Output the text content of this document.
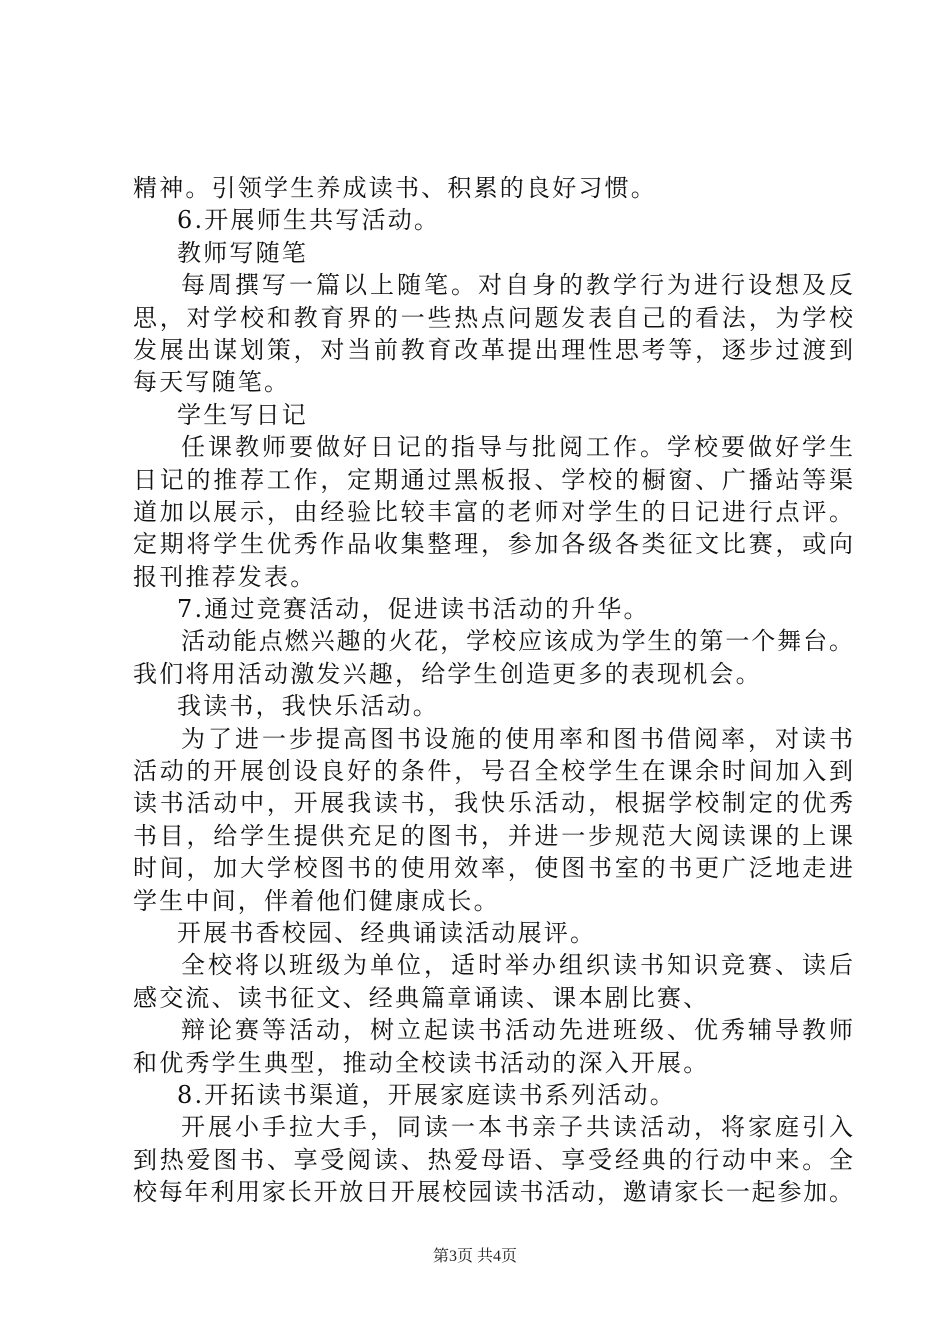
精神。引领学生养成读书、积累的良好习惯。
6.开展师生共写活动。
教师写随笔
每周撰写一篇以上随笔。对自身的教学行为进行设想及反
思，对学校和教育界的一些热点问题发表自己的看法，为学校
发展出谋划策，对当前教育改革提出理性思考等，逐步过渡到
每天写随笔。
学生写日记
任课教师要做好日记的指导与批阅工作。学校要做好学生
日记的推荐工作，定期通过黑板报、学校的橱窗、广播站等渠
道加以展示，由经验比较丰富的老师对学生的日记进行点评。
定期将学生优秀作品收集整理，参加各级各类征文比赛，或向
报刊推荐发表。
7.通过竞赛活动，促进读书活动的升华。
活动能点燃兴趣的火花，学校应该成为学生的第一个舞台。
我们将用活动激发兴趣，给学生创造更多的表现机会。
我读书，我快乐活动。
为了进一步提高图书设施的使用率和图书借阅率，对读书
活动的开展创设良好的条件，号召全校学生在课余时间加入到
读书活动中，开展我读书，我快乐活动，根据学校制定的优秀
书目，给学生提供充足的图书，并进一步规范大阅读课的上课
时间，加大学校图书的使用效率，使图书室的书更广泛地走进
学生中间，伴着他们健康成长。
开展书香校园、经典诵读活动展评。
全校将以班级为单位，适时举办组织读书知识竞赛、读后
感交流、读书征文、经典篇章诵读、课本剧比赛、
辩论赛等活动，树立起读书活动先进班级、优秀辅导教师
和优秀学生典型，推动全校读书活动的深入开展。
8.开拓读书渠道，开展家庭读书系列活动。
开展小手拉大手，同读一本书亲子共读活动，将家庭引入
到热爱图书、享受阅读、热爱母语、享受经典的行动中来。全
校每年利用家长开放日开展校园读书活动，邀请家长一起参加。
第3页 共4页
